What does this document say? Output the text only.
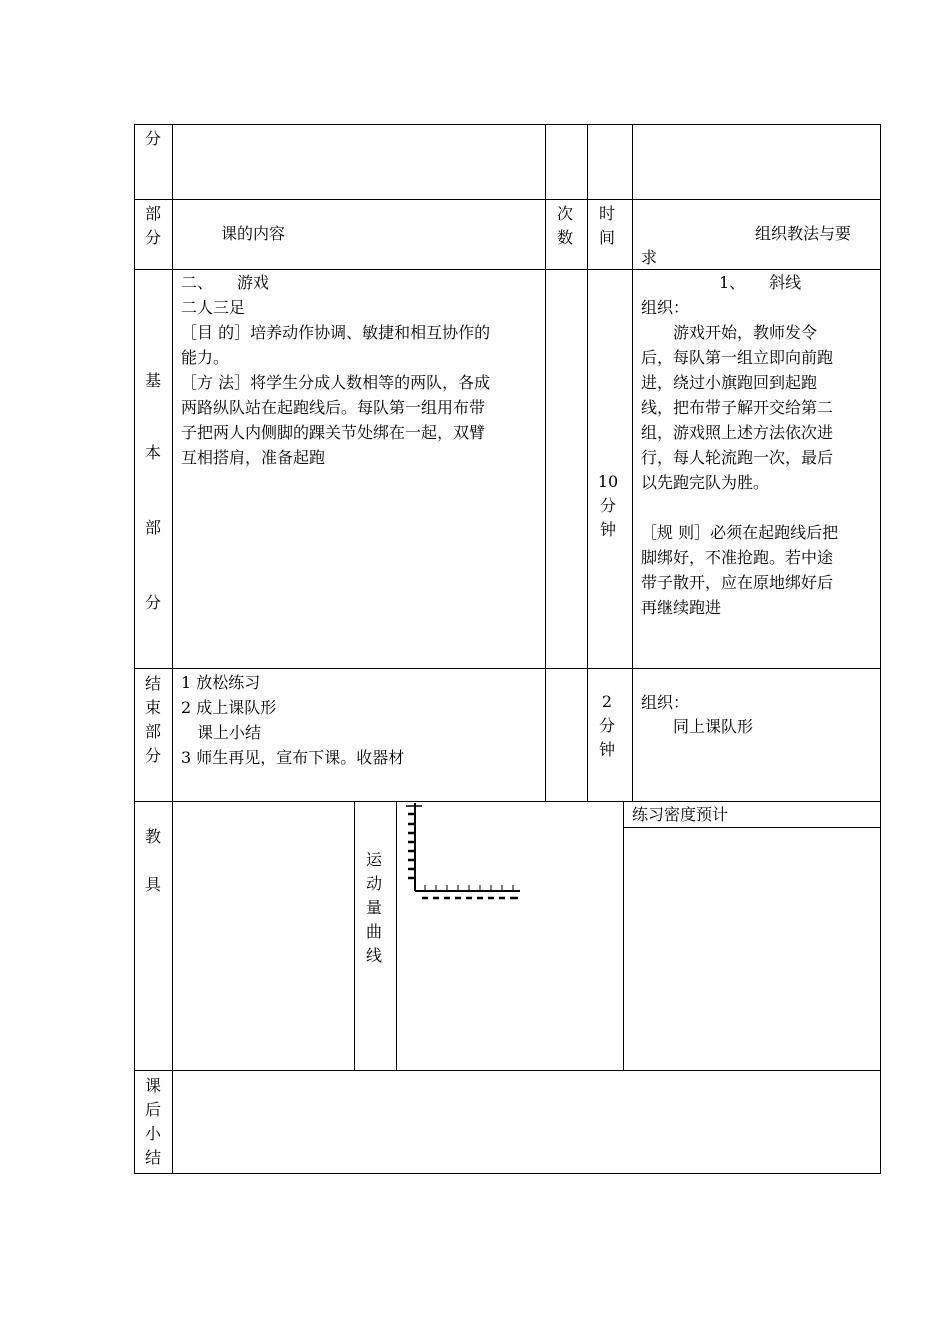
分
部
分	课的内容
次
数
时
间	组织教法与要
求
基
本
部
分
二、　　游戏
二人三足
［目 的］培养动作协调、敏捷和相互协作的
能力。
［方 法］将学生分成人数相等的两队，各成
两路纵队站在起跑线后。每队第一组用布带
子把两人内侧脚的踝关节处绑在一起，双臂
互相搭肩，准备起跑
10
分
钟
1、　　斜线
组织：
　　游戏开始，教师发令
后，每队第一组立即向前跑
进，绕过小旗跑回到起跑
线，把布带子解开交给第二
组，游戏照上述方法依次进
行，每人轮流跑一次，最后
以先跑完队为胜。
［规 则］必须在起跑线后把
脚绑好，不准抢跑。若中途
带子散开，应在原地绑好后
再继续跑进
结
束
部
分
1 放松练习
2 成上课队形
　课上小结
3 师生再见，宣布下课。收器材
2
分
钟
组织：
　　同上课队形
教
具
运
动
量
曲
线
练习密度预计
课
后
小
结
